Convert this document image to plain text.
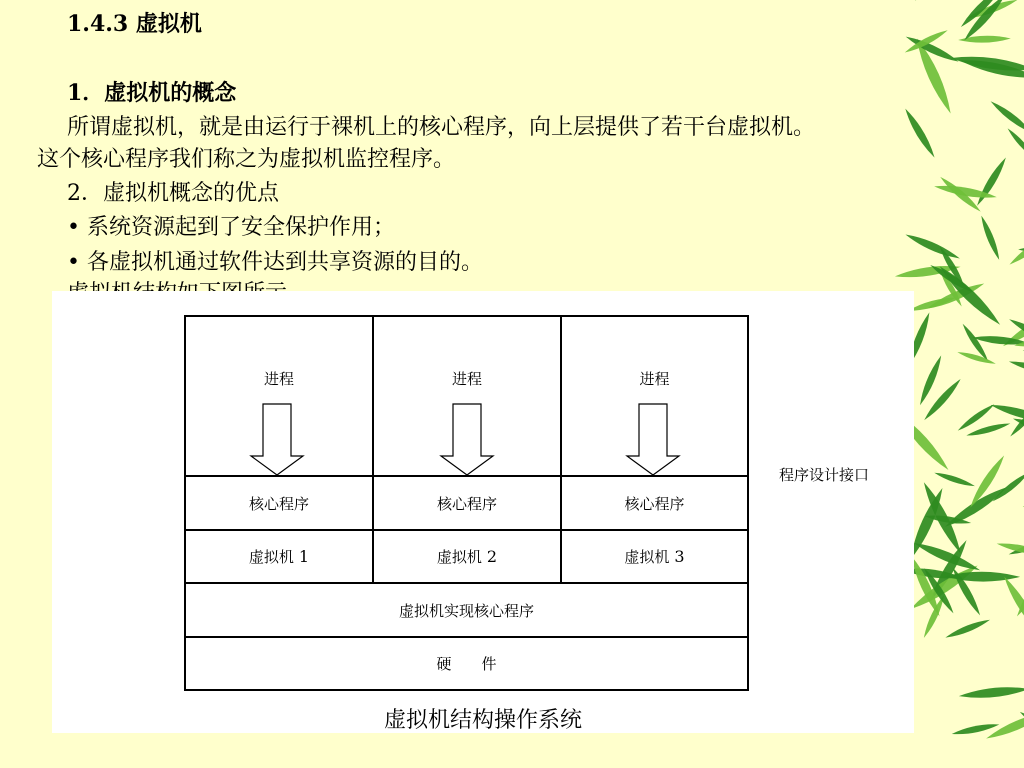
1.4.3 虚拟机
1．虚拟机的概念
所谓虚拟机，就是由运行于裸机上的核心程序，向上层提供了若干台虚拟机。
这个核心程序我们称之为虚拟机监控程序。
2．虚拟机概念的优点
• 系统资源起到了安全保护作用；
• 各虚拟机通过软件达到共享资源的目的。
进程	进程	进程
核心程序	核心程序	核心程序
虚拟机 1	虚拟机 2	虚拟机 3
虚拟机实现核心程序
硬　　件
程序设计接口
虚拟机结构操作系统
